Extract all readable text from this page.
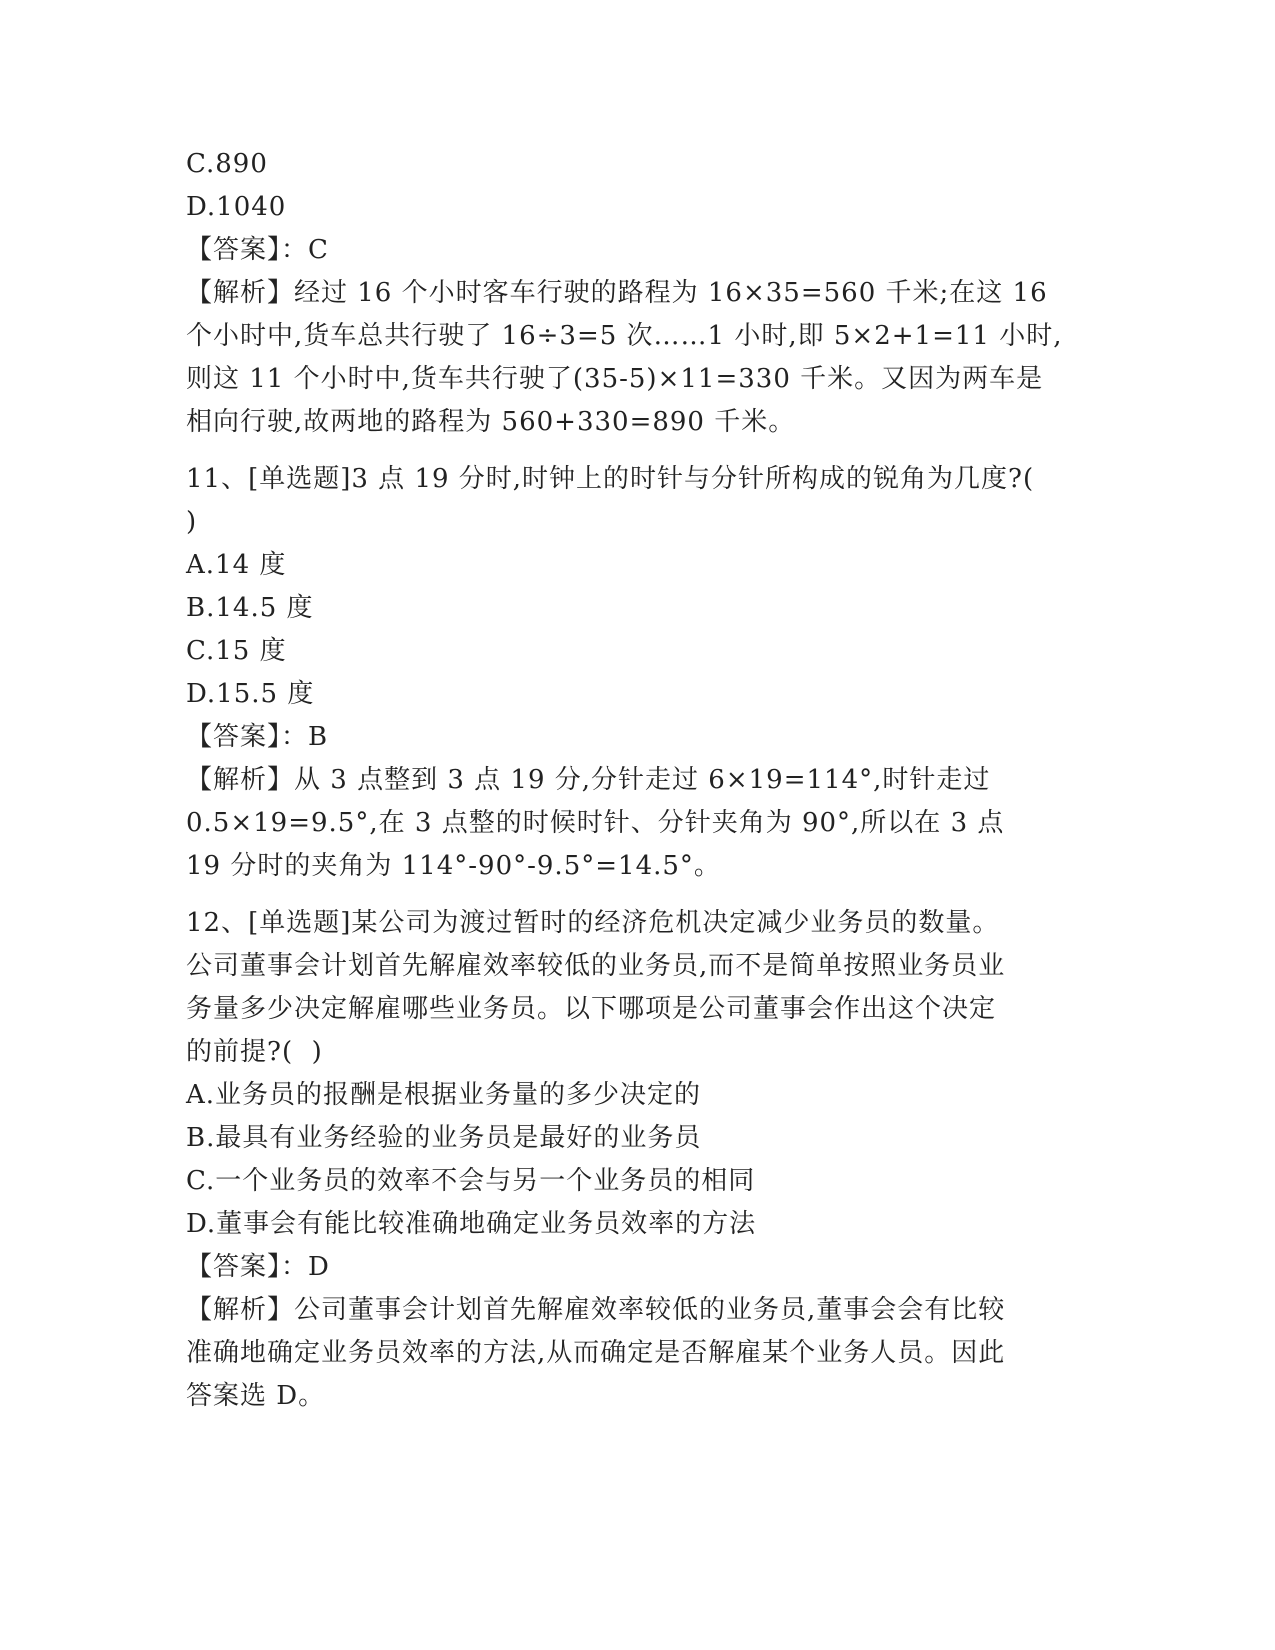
C.890
D.1040
【答案】：C
【解析】经过 16 个小时客车行驶的路程为 16×35=560 千米;在这 16
个小时中,货车总共行驶了 16÷3=5 次……1 小时,即 5×2+1=11 小时,
则这 11 个小时中,货车共行驶了(35-5)×11=330 千米。又因为两车是
相向行驶,故两地的路程为 560+330=890 千米。
11、[单选题]3 点 19 分时,时钟上的时针与分针所构成的锐角为几度?(
)
A.14 度
B.14.5 度
C.15 度
D.15.5 度
【答案】：B
【解析】从 3 点整到 3 点 19 分,分针走过 6×19=114°,时针走过
0.5×19=9.5°,在 3 点整的时候时针、分针夹角为 90°,所以在 3 点
19 分时的夹角为 114°-90°-9.5°=14.5°。
12、[单选题]某公司为渡过暂时的经济危机决定减少业务员的数量。
公司董事会计划首先解雇效率较低的业务员,而不是简单按照业务员业
务量多少决定解雇哪些业务员。以下哪项是公司董事会作出这个决定
的前提?(  )
A.业务员的报酬是根据业务量的多少决定的
B.最具有业务经验的业务员是最好的业务员
C.一个业务员的效率不会与另一个业务员的相同
D.董事会有能比较准确地确定业务员效率的方法
【答案】：D
【解析】公司董事会计划首先解雇效率较低的业务员,董事会会有比较
准确地确定业务员效率的方法,从而确定是否解雇某个业务人员。因此
答案选 D。
